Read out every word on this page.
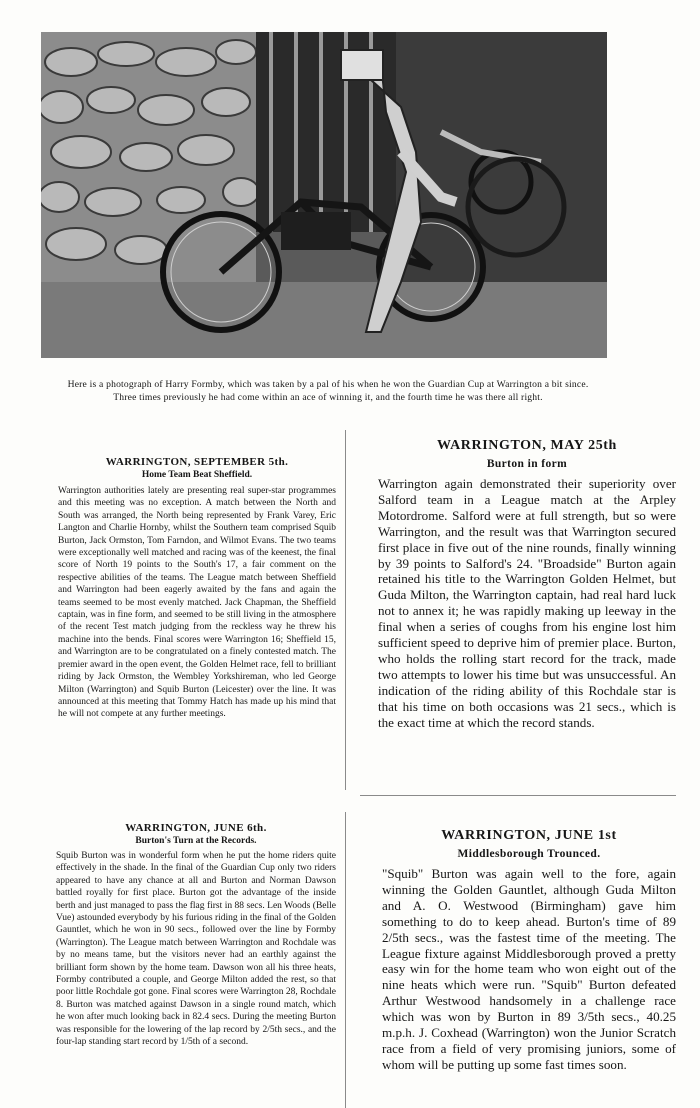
Here is a photograph of Harry Formby, which was taken by a pal of his when he won the Guardian Cup at Warrington a bit since. Three times previously he had come within an ace of winning it, and the fourth time he was there all right.
WARRINGTON, SEPTEMBER 5th.
Home Team Beat Sheffield.

Warrington authorities lately are presenting real super-star programmes and this meeting was no exception. A match between the North and South was arranged, the North being represented by Frank Varey, Eric Langton and Charlie Hornby, whilst the Southern team comprised Squib Burton, Jack Ormston, Tom Farndon, and Wilmot Evans. The two teams were exceptionally well matched and racing was of the keenest, the final score of North 19 points to the South's 17, a fair comment on the respective abilities of the teams. The League match between Sheffield and Warrington had been eagerly awaited by the fans and again the teams seemed to be most evenly matched. Jack Chapman, the Sheffield captain, was in fine form, and seemed to be still living in the atmosphere of the recent Test match judging from the reckless way he threw his machine into the bends. Final scores were Warrington 16; Sheffield 15, and Warrington are to be congratulated on a finely contested match. The premier award in the open event, the Golden Helmet race, fell to brilliant riding by Jack Ormston, the Wembley Yorkshireman, who led George Milton (Warrington) and Squib Burton (Leicester) over the line. It was announced at this meeting that Tommy Hatch has made up his mind that he will not compete at any further meetings.

WARRINGTON, MAY 25th
Burton in form

Warrington again demonstrated their superiority over Salford team in a League match at the Arpley Motordrome. Salford were at full strength, but so were Warrington, and the result was that Warrington secured first place in five out of the nine rounds, finally winning by 39 points to Salford's 24. "Broadside" Burton again retained his title to the Warrington Golden Helmet, but Guda Milton, the Warrington captain, had real hard luck not to annex it; he was rapidly making up leeway in the final when a series of coughs from his engine lost him sufficient speed to deprive him of premier place. Burton, who holds the rolling start record for the track, made two attempts to lower his time but was unsuccessful. An indication of the riding ability of this Rochdale star is that his time on both occasions was 21 secs., which is the exact time at which the record stands.

WARRINGTON, JUNE 6th.
Burton's Turn at the Records.

Squib Burton was in wonderful form when he put the home riders quite effectively in the shade. In the final of the Guardian Cup only two riders appeared to have any chance at all and Burton and Norman Dawson battled royally for first place. Burton got the advantage of the inside berth and just managed to pass the flag first in 88 secs. Len Woods (Belle Vue) astounded everybody by his furious riding in the final of the Golden Gauntlet, which he won in 90 secs., followed over the line by Formby (Warrington). The League match between Warrington and Rochdale was by no means tame, but the visitors never had an earthly against the brilliant form shown by the home team. Dawson won all his three heats, Formby contributed a couple, and George Milton added the rest, so that poor little Rochdale got gone. Final scores were Warrington 28, Rochdale 8. Burton was matched against Dawson in a single round match, which he won after much looking back in 82.4 secs. During the meeting Burton was responsible for the lowering of the lap record by 2/5th secs., and the four-lap standing start record by 1/5th of a second.

WARRINGTON, JUNE 1st
Middlesborough Trounced.

"Squib" Burton was again well to the fore, again winning the Golden Gauntlet, although Guda Milton and A. O. Westwood (Birmingham) gave him something to do to keep ahead. Burton's time of 89 2/5th secs., was the fastest time of the meeting. The League fixture against Middlesborough proved a pretty easy win for the home team who won eight out of the nine heats which were run. "Squib" Burton defeated Arthur Westwood handsomely in a challenge race which was won by Burton in 89 3/5th secs., 40.25 m.p.h. J. Coxhead (Warrington) won the Junior Scratch race from a field of very promising juniors, some of whom will be putting up some fast times soon.
